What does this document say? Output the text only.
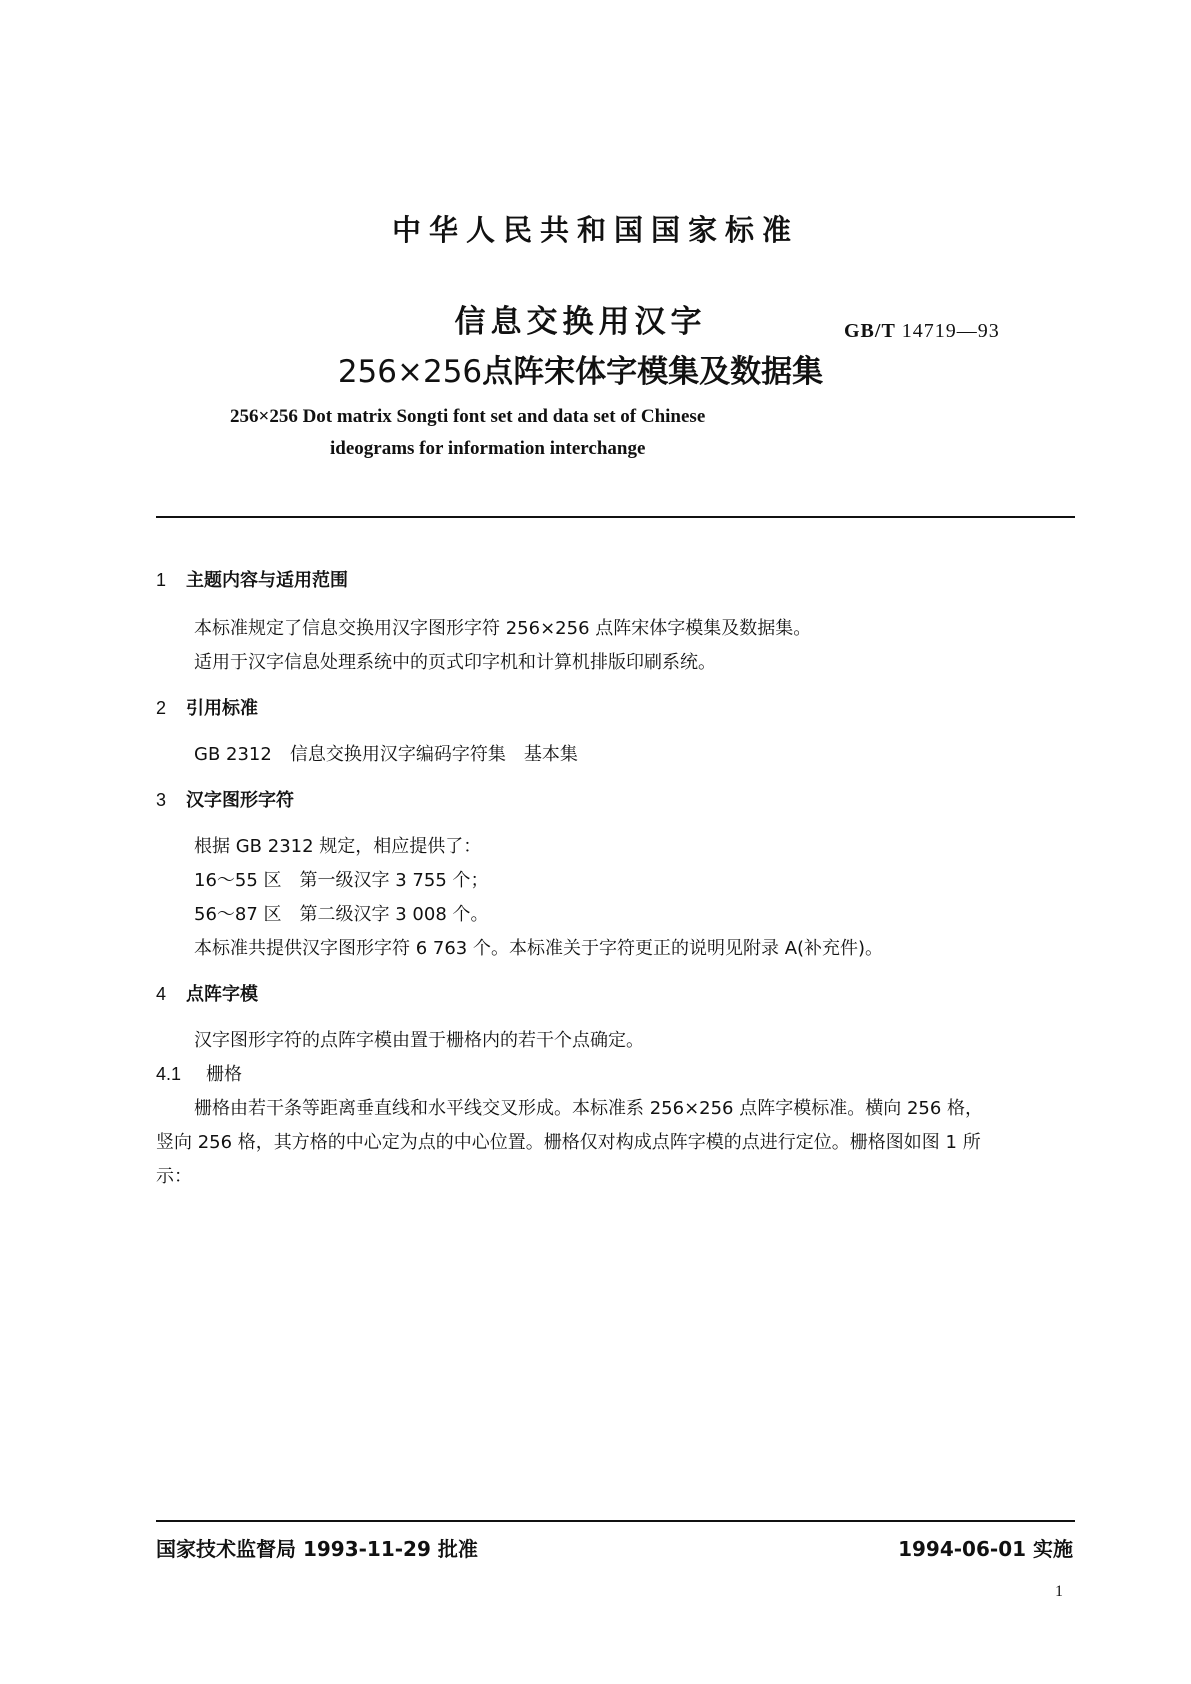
中华人民共和国国家标准
信息交换用汉字
256×256点阵宋体字模集及数据集
GB/T 14719—93
256×256 Dot matrix Songti font set and data set of Chinese
ideograms for information interchange
1 主题内容与适用范围
本标准规定了信息交换用汉字图形字符 256×256 点阵宋体字模集及数据集。
适用于汉字信息处理系统中的页式印字机和计算机排版印刷系统。
2 引用标准
GB 2312　信息交换用汉字编码字符集　基本集
3 汉字图形字符
根据 GB 2312 规定，相应提供了：
16～55 区　第一级汉字 3 755 个；
56～87 区　第二级汉字 3 008 个。
本标准共提供汉字图形字符 6 763 个。本标准关于字符更正的说明见附录 A(补充件)。
4 点阵字模
汉字图形字符的点阵字模由置于栅格内的若干个点确定。
4.1 栅格
栅格由若干条等距离垂直线和水平线交叉形成。本标准系 256×256 点阵字模标准。横向 256 格，
竖向 256 格，其方格的中心定为点的中心位置。栅格仅对构成点阵字模的点进行定位。栅格图如图 1 所
示：
国家技术监督局 1993-11-29 批准	1994-06-01 实施
1
